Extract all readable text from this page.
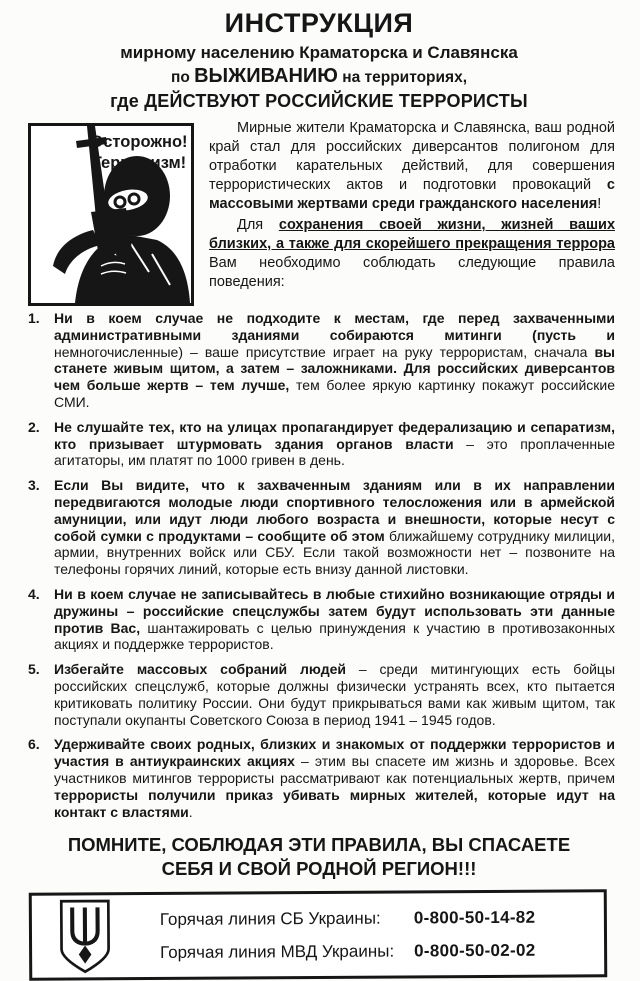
ИНСТРУКЦИЯ
мирному населению Краматорска и Славянска
по ВЫЖИВАНИЮ на территориях,
где ДЕЙСТВУЮТ РОССИЙСКИЕ ТЕРРОРИСТЫ
Осторожно!
Терроризм!

Мирные жители Краматорска и Славянска, ваш родной край стал для российских диверсантов полигоном для отработки карательных действий, для совершения террористических актов и подготовки провокаций с массовыми жертвами среди гражданского населения!

Для сохранения своей жизни, жизней ваших близких, а также для скорейшего прекращения террора Вам необходимо соблюдать следующие правила поведения:

1. Ни в коем случае не подходите к местам, где перед захваченными административными зданиями собираются митинги (пусть и немногочисленные) – ваше присутствие играет на руку террористам, сначала вы станете живым щитом, а затем – заложниками. Для российских диверсантов чем больше жертв – тем лучше, тем более яркую картинку покажут российские СМИ.
2. Не слушайте тех, кто на улицах пропагандирует федерализацию и сепаратизм, кто призывает штурмовать здания органов власти – это проплаченные агитаторы, им платят по 1000 гривен в день.
3. Если Вы видите, что к захваченным зданиям или в их направлении передвигаются молодые люди спортивного телосложения или в армейской амуниции, или идут люди любого возраста и внешности, которые несут с собой сумки с продуктами – сообщите об этом ближайшему сотруднику милиции, армии, внутренних войск или СБУ. Если такой возможности нет – позвоните на телефоны горячих линий, которые есть внизу данной листовки.
4. Ни в коем случае не записывайтесь в любые стихийно возникающие отряды и дружины – российские спецслужбы затем будут использовать эти данные против Вас, шантажировать с целью принуждения к участию в противозаконных акциях и поддержке террористов.
5. Избегайте массовых собраний людей – среди митингующих есть бойцы российских спецслужб, которые должны физически устранять всех, кто пытается критиковать политику России. Они будут прикрываться вами как живым щитом, так поступали окупанты Советского Союза в период 1941 – 1945 годов.
6. Удерживайте своих родных, близких и знакомых от поддержки террористов и участия в антиукраинских акциях – этим вы спасете им жизнь и здоровье. Всех участников митингов террористы рассматривают как потенциальных жертв, причем террористы получили приказ убивать мирных жителей, которые идут на контакт с властями.
ПОМНИТЕ, СОБЛЮДАЯ ЭТИ ПРАВИЛА, ВЫ СПАСАЕТЕ
СЕБЯ И СВОЙ РОДНОЙ РЕГИОН!!!
Горячая линия СБ Украины:	0-800-50-14-82
Горячая линия МВД Украины:	0-800-50-02-02
